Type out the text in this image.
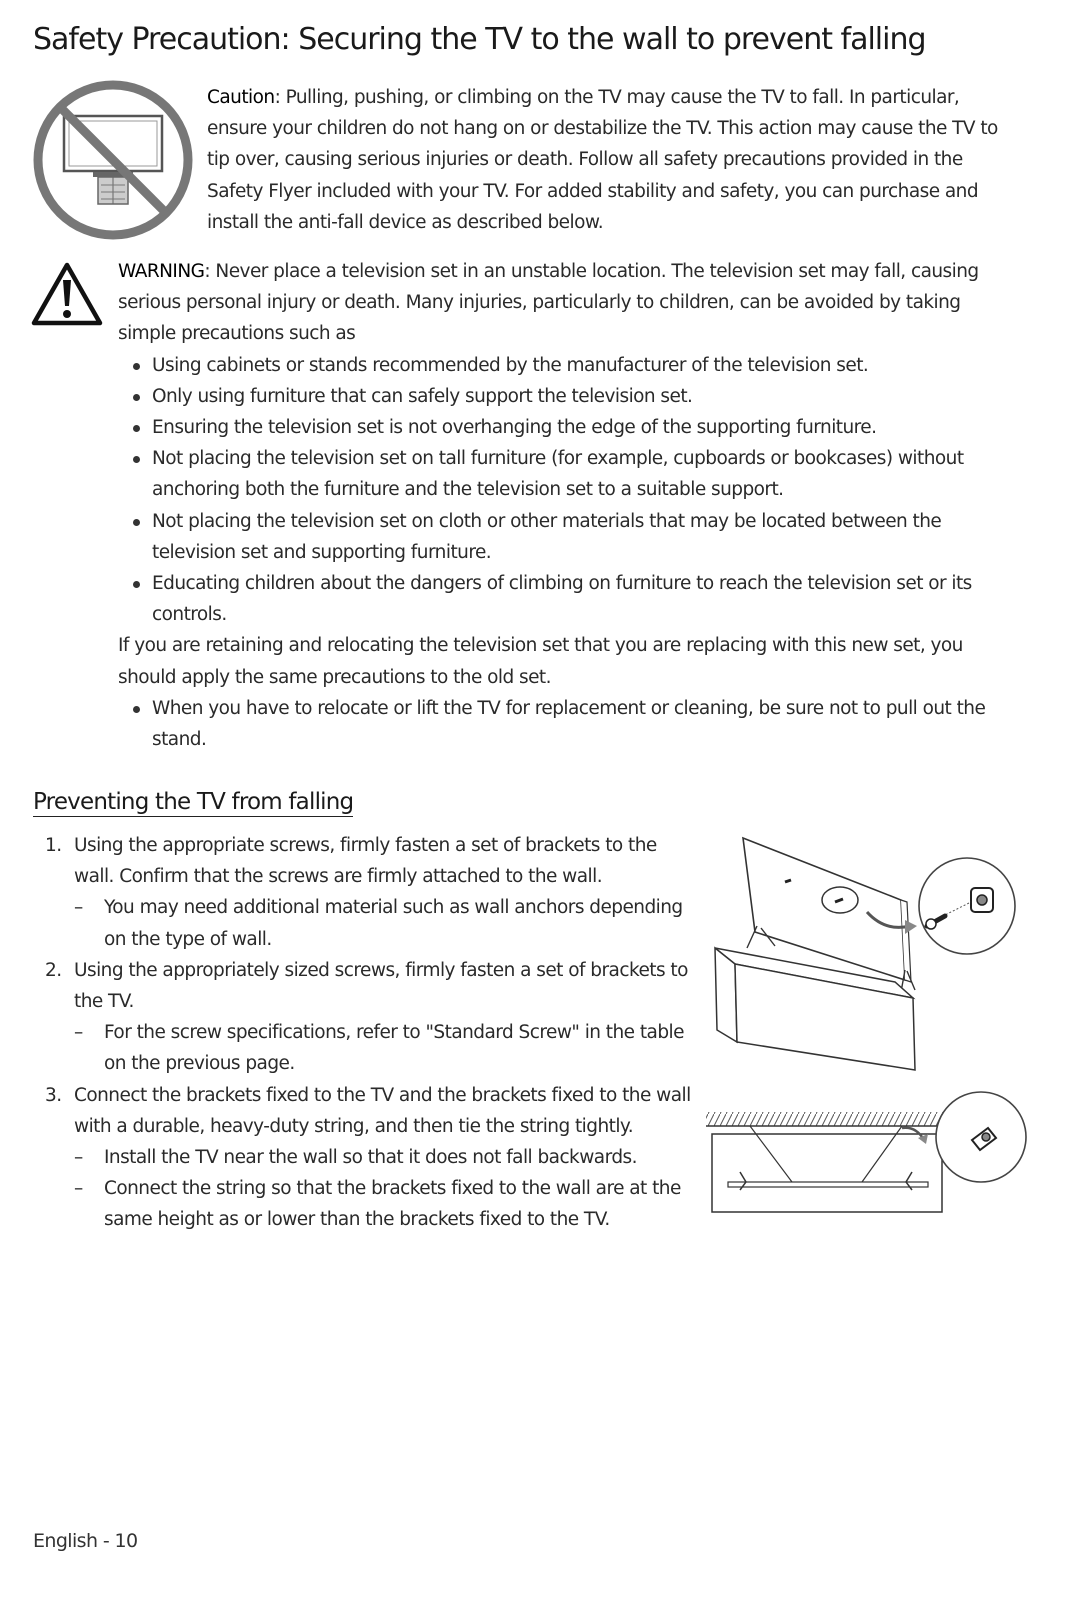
Safety Precaution: Securing the TV to the wall to prevent falling
Caution: Pulling, pushing, or climbing on the TV may cause the TV to fall. In particular, ensure your children do not hang on or destabilize the TV. This action may cause the TV to tip over, causing serious injuries or death. Follow all safety precautions provided in the Safety Flyer included with your TV. For added stability and safety, you can purchase and install the anti-fall device as described below.
WARNING: Never place a television set in an unstable location. The television set may fall, causing serious personal injury or death. Many injuries, particularly to children, can be avoided by taking simple precautions such as
Using cabinets or stands recommended by the manufacturer of the television set.
Only using furniture that can safely support the television set.
Ensuring the television set is not overhanging the edge of the supporting furniture.
Not placing the television set on tall furniture (for example, cupboards or bookcases) without anchoring both the furniture and the television set to a suitable support.
Not placing the television set on cloth or other materials that may be located between the television set and supporting furniture.
Educating children about the dangers of climbing on furniture to reach the television set or its controls.
If you are retaining and relocating the television set that you are replacing with this new set, you should apply the same precautions to the old set.
When you have to relocate or lift the TV for replacement or cleaning, be sure not to pull out the stand.
Preventing the TV from falling
1. Using the appropriate screws, firmly fasten a set of brackets to the wall. Confirm that the screws are firmly attached to the wall.
– You may need additional material such as wall anchors depending on the type of wall.
2. Using the appropriately sized screws, firmly fasten a set of brackets to the TV.
– For the screw specifications, refer to "Standard Screw" in the table on the previous page.
3. Connect the brackets fixed to the TV and the brackets fixed to the wall with a durable, heavy-duty string, and then tie the string tightly.
– Install the TV near the wall so that it does not fall backwards.
– Connect the string so that the brackets fixed to the wall are at the same height as or lower than the brackets fixed to the TV.
English - 10
